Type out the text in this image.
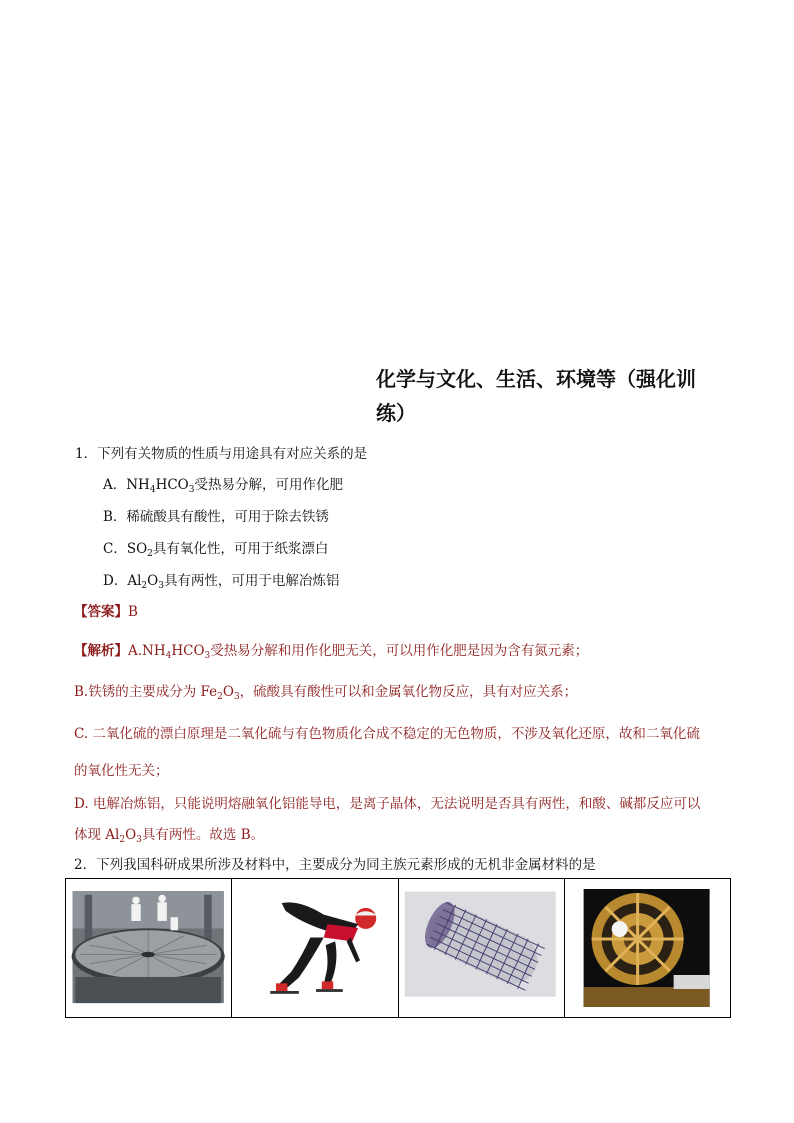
化学与文化、生活、环境等（强化训
练）
1．下列有关物质的性质与用途具有对应关系的是
A．$NH_4HCO_3$受热易分解，可用作化肥
B．稀硫酸具有酸性，可用于除去铁锈
C．$SO_2$具有氧化性，可用于纸浆漂白
D．$Al_2O_3$具有两性，可用于电解冶炼铝
【答案】B
【解析】$A.NH_4HCO_3$受热易分解和用作化肥无关，可以用作化肥是因为含有氮元素；
B.铁锈的主要成分为 $Fe_2O_3$，硫酸具有酸性可以和金属氧化物反应，具有对应关系；
C. 二氧化硫的漂白原理是二氧化硫与有色物质化合成不稳定的无色物质，不涉及氧化还原，故和二氧化硫
的氧化性无关；
D. 电解冶炼铝，只能说明熔融氧化铝能导电，是离子晶体，无法说明是否具有两性，和酸、碱都反应可以
体现 $Al_2O_3$具有两性。故选 B。
2．下列我国科研成果所涉及材料中，主要成分为同主族元素形成的无机非金属材料的是
